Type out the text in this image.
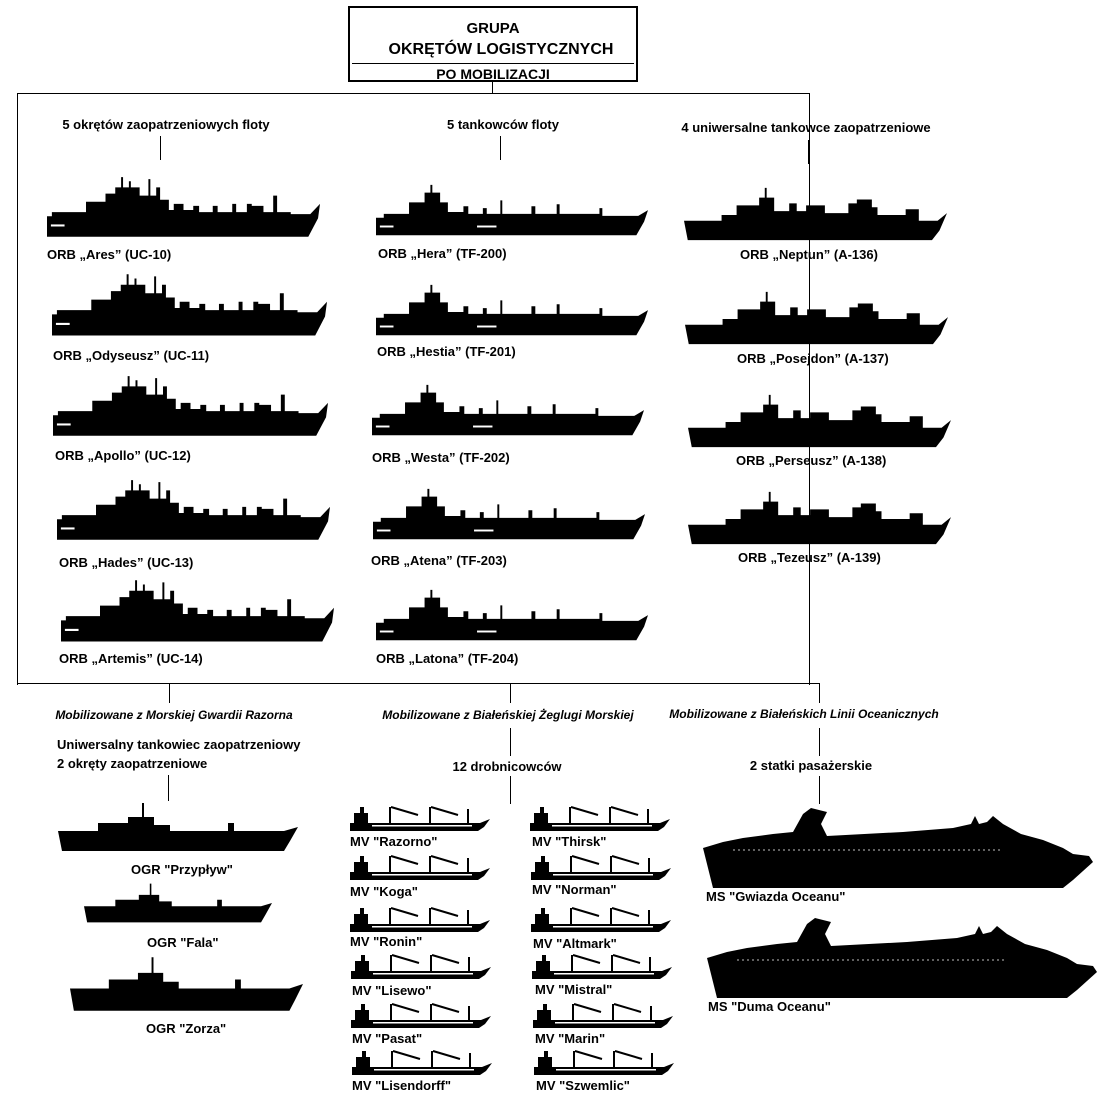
GRUPA
OKRĘTÓW LOGISTYCZNYCH
PO MOBILIZACJI
5 okrętów zaopatrzeniowych floty	5 tankowców floty	4 uniwersalne tankowce zaopatrzeniowe
ORB „Ares” (UC-10)
ORB „Odyseusz” (UC-11)
ORB „Apollo” (UC-12)
ORB „Hades” (UC-13)
ORB „Artemis” (UC-14)
ORB „Hera” (TF-200)
ORB „Hestia” (TF-201)
ORB „Westa” (TF-202)
ORB „Atena” (TF-203)
ORB „Latona” (TF-204)
ORB „Neptun” (A-136)
ORB „Posejdon” (A-137)
ORB „Perseusz” (A-138)
ORB „Tezeusz” (A-139)
Mobilizowane z Morskiej Gwardii Razorna	Mobilizowane z Białeńskiej Żeglugi Morskiej	Mobilizowane z Białeńskich Linii Oceanicznych
Uniwersalny tankowiec zaopatrzeniowy
2 okręty zaopatrzeniowe	12 drobnicowców	2 statki pasażerskie
OGR "Przypływ"
OGR "Fala"
OGR "Zorza"
MV "Razorno"
MV "Koga"
MV "Ronin"
MV "Lisewo"
MV "Pasat"
MV "Lisendorff"
MV "Thirsk"
MV "Norman"
MV "Altmark"
MV "Mistral"
MV "Marin"
MV "Szwemlic"
MS "Gwiazda Oceanu"
MS "Duma Oceanu"
